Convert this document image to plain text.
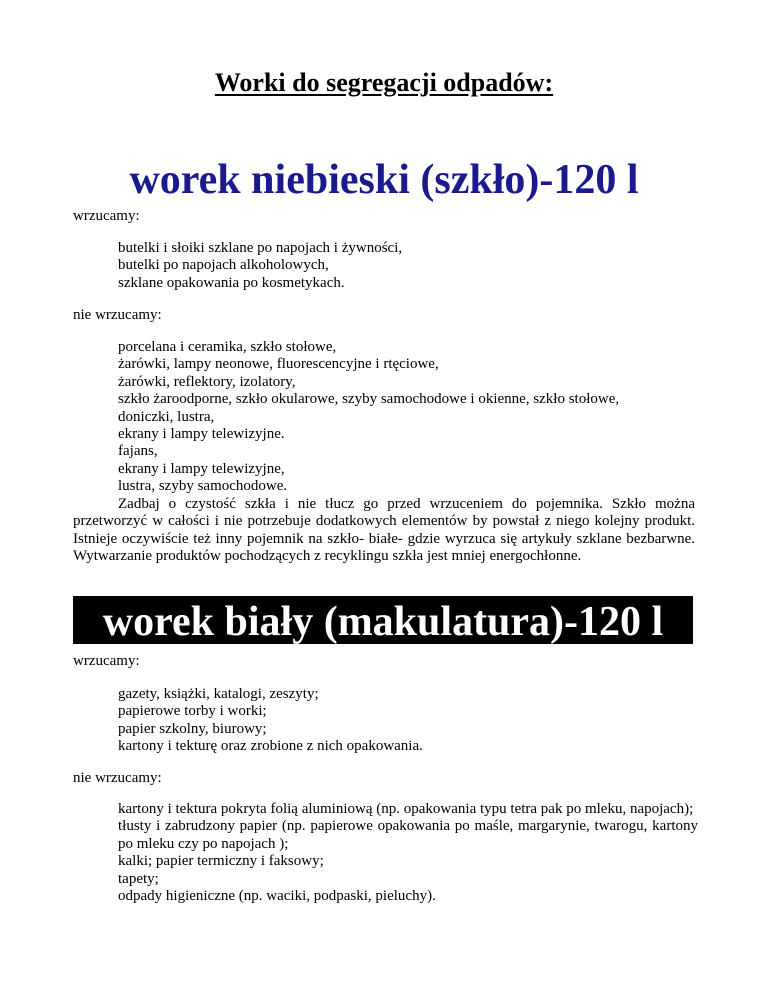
Worki do segregacji odpadów:
worek niebieski (szkło)-120 l

wrzucamy:

butelki i słoiki szklane po napojach i żywności,
butelki po napojach alkoholowych,
szklane opakowania po kosmetykach.

nie wrzucamy:

porcelana i ceramika, szkło stołowe,
żarówki, lampy neonowe, fluorescencyjne i rtęciowe,
żarówki, reflektory, izolatory,
szkło żaroodporne, szkło okularowe, szyby samochodowe i okienne, szkło stołowe,
doniczki, lustra,
ekrany i lampy telewizyjne.
fajans,
ekrany i lampy telewizyjne,
lustra, szyby samochodowe.

Zadbaj o czystość szkła i nie tłucz go przed wrzuceniem do pojemnika. Szkło można przetworzyć w całości i nie potrzebuje dodatkowych elementów by powstał z niego kolejny produkt. Istnieje oczywiście też inny pojemnik na szkło- białe- gdzie wyrzuca się artykuły szklane bezbarwne. Wytwarzanie produktów pochodzących z recyklingu szkła jest mniej energochłonne.

worek biały (makulatura)-120 l

wrzucamy:

gazety, książki, katalogi, zeszyty;
papierowe torby i worki;
papier szkolny, biurowy;
kartony i tekturę oraz zrobione z nich opakowania.

nie wrzucamy:

kartony i tektura pokryta folią aluminiową (np. opakowania typu tetra pak po mleku, napojach);
tłusty i zabrudzony papier (np. papierowe opakowania po maśle, margarynie, twarogu, kartony po mleku czy po napojach );
kalki; papier termiczny i faksowy;
tapety;
odpady higieniczne (np. waciki, podpaski, pieluchy).
